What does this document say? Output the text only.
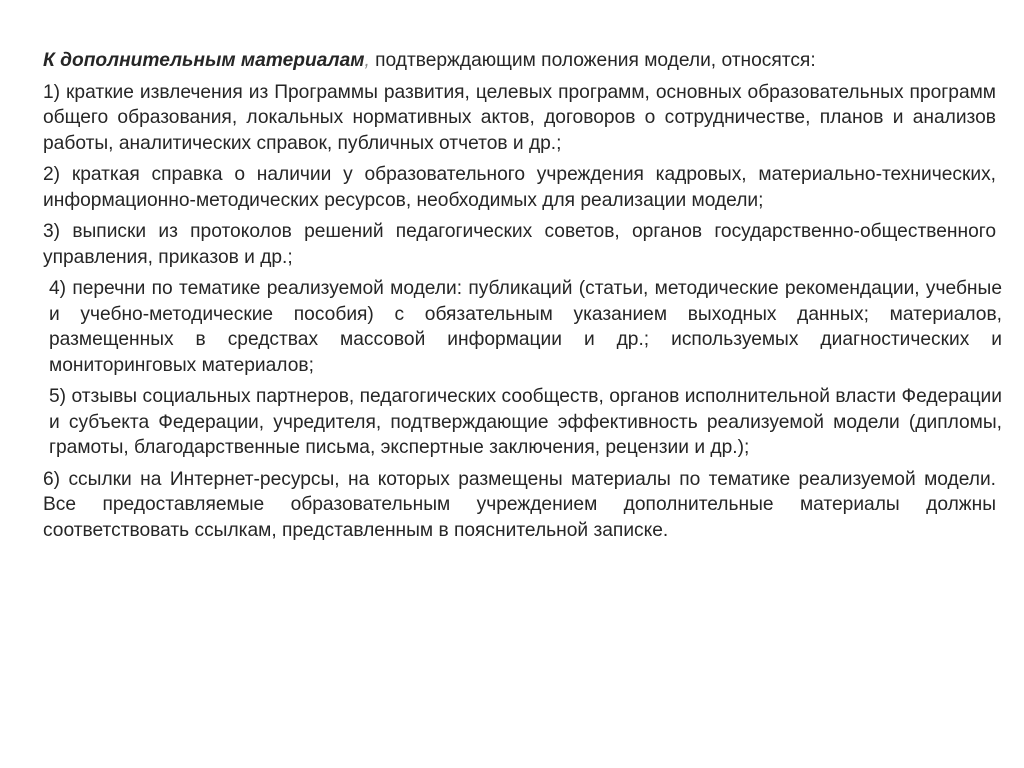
К дополнительным материалам, подтверждающим положения модели, относятся:

1) краткие извлечения из Программы развития, целевых программ, основных образовательных программ общего образования, локальных нормативных актов, договоров о сотрудничестве, планов и анализов работы, аналитических справок, публичных отчетов и др.;

2) краткая справка о наличии у образовательного учреждения кадровых, материально-технических, информационно-методических ресурсов, необходимых для реализации модели;

3) выписки из протоколов решений педагогических советов, органов государственно-общественного управления, приказов и др.;

4) перечни по тематике реализуемой модели: публикаций (статьи, методические рекомендации, учебные и учебно-методические пособия) с обязательным указанием выходных данных; материалов, размещенных в средствах массовой информации и др.; используемых диагностических и мониторинговых материалов;

5) отзывы социальных партнеров, педагогических сообществ, органов исполнительной власти Федерации и субъекта Федерации, учредителя, подтверждающие эффективность реализуемой модели (дипломы, грамоты, благодарственные письма, экспертные заключения, рецензии и др.);

6) ссылки на Интернет-ресурсы, на которых размещены материалы по тематике реализуемой модели. Все предоставляемые образовательным учреждением дополнительные материалы должны соответствовать ссылкам, представленным в пояснительной записке.
